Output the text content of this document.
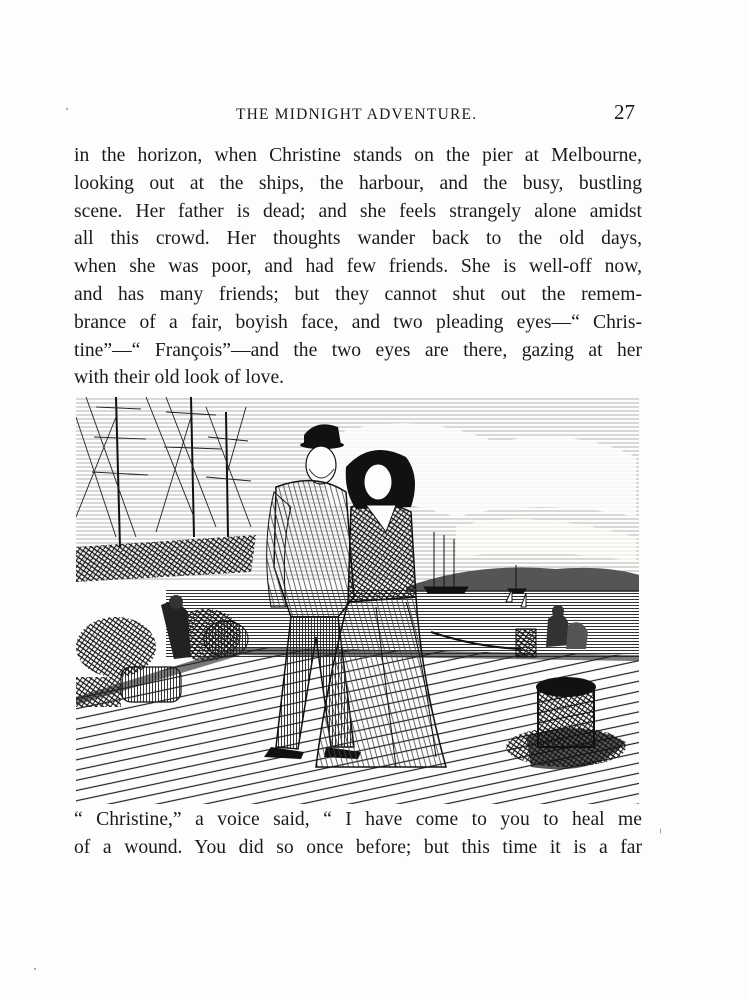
THE MIDNIGHT ADVENTURE.	27
in the horizon, when Christine stands on the pier at Melbourne,
looking out at the ships, the harbour, and the busy, bustling
scene. Her father is dead; and she feels strangely alone amidst
all this crowd. Her thoughts wander back to the old days,
when she was poor, and had few friends. She is well-off now,
and has many friends; but they cannot shut out the remem-
brance of a fair, boyish face, and two pleading eyes—“ Chris-
tine”—“ François”—and the two eyes are there, gazing at her
with their old look of love.
“ Christine,” a voice said, “ I have come to you to heal me
of a wound. You did so once before; but this time it is a far
